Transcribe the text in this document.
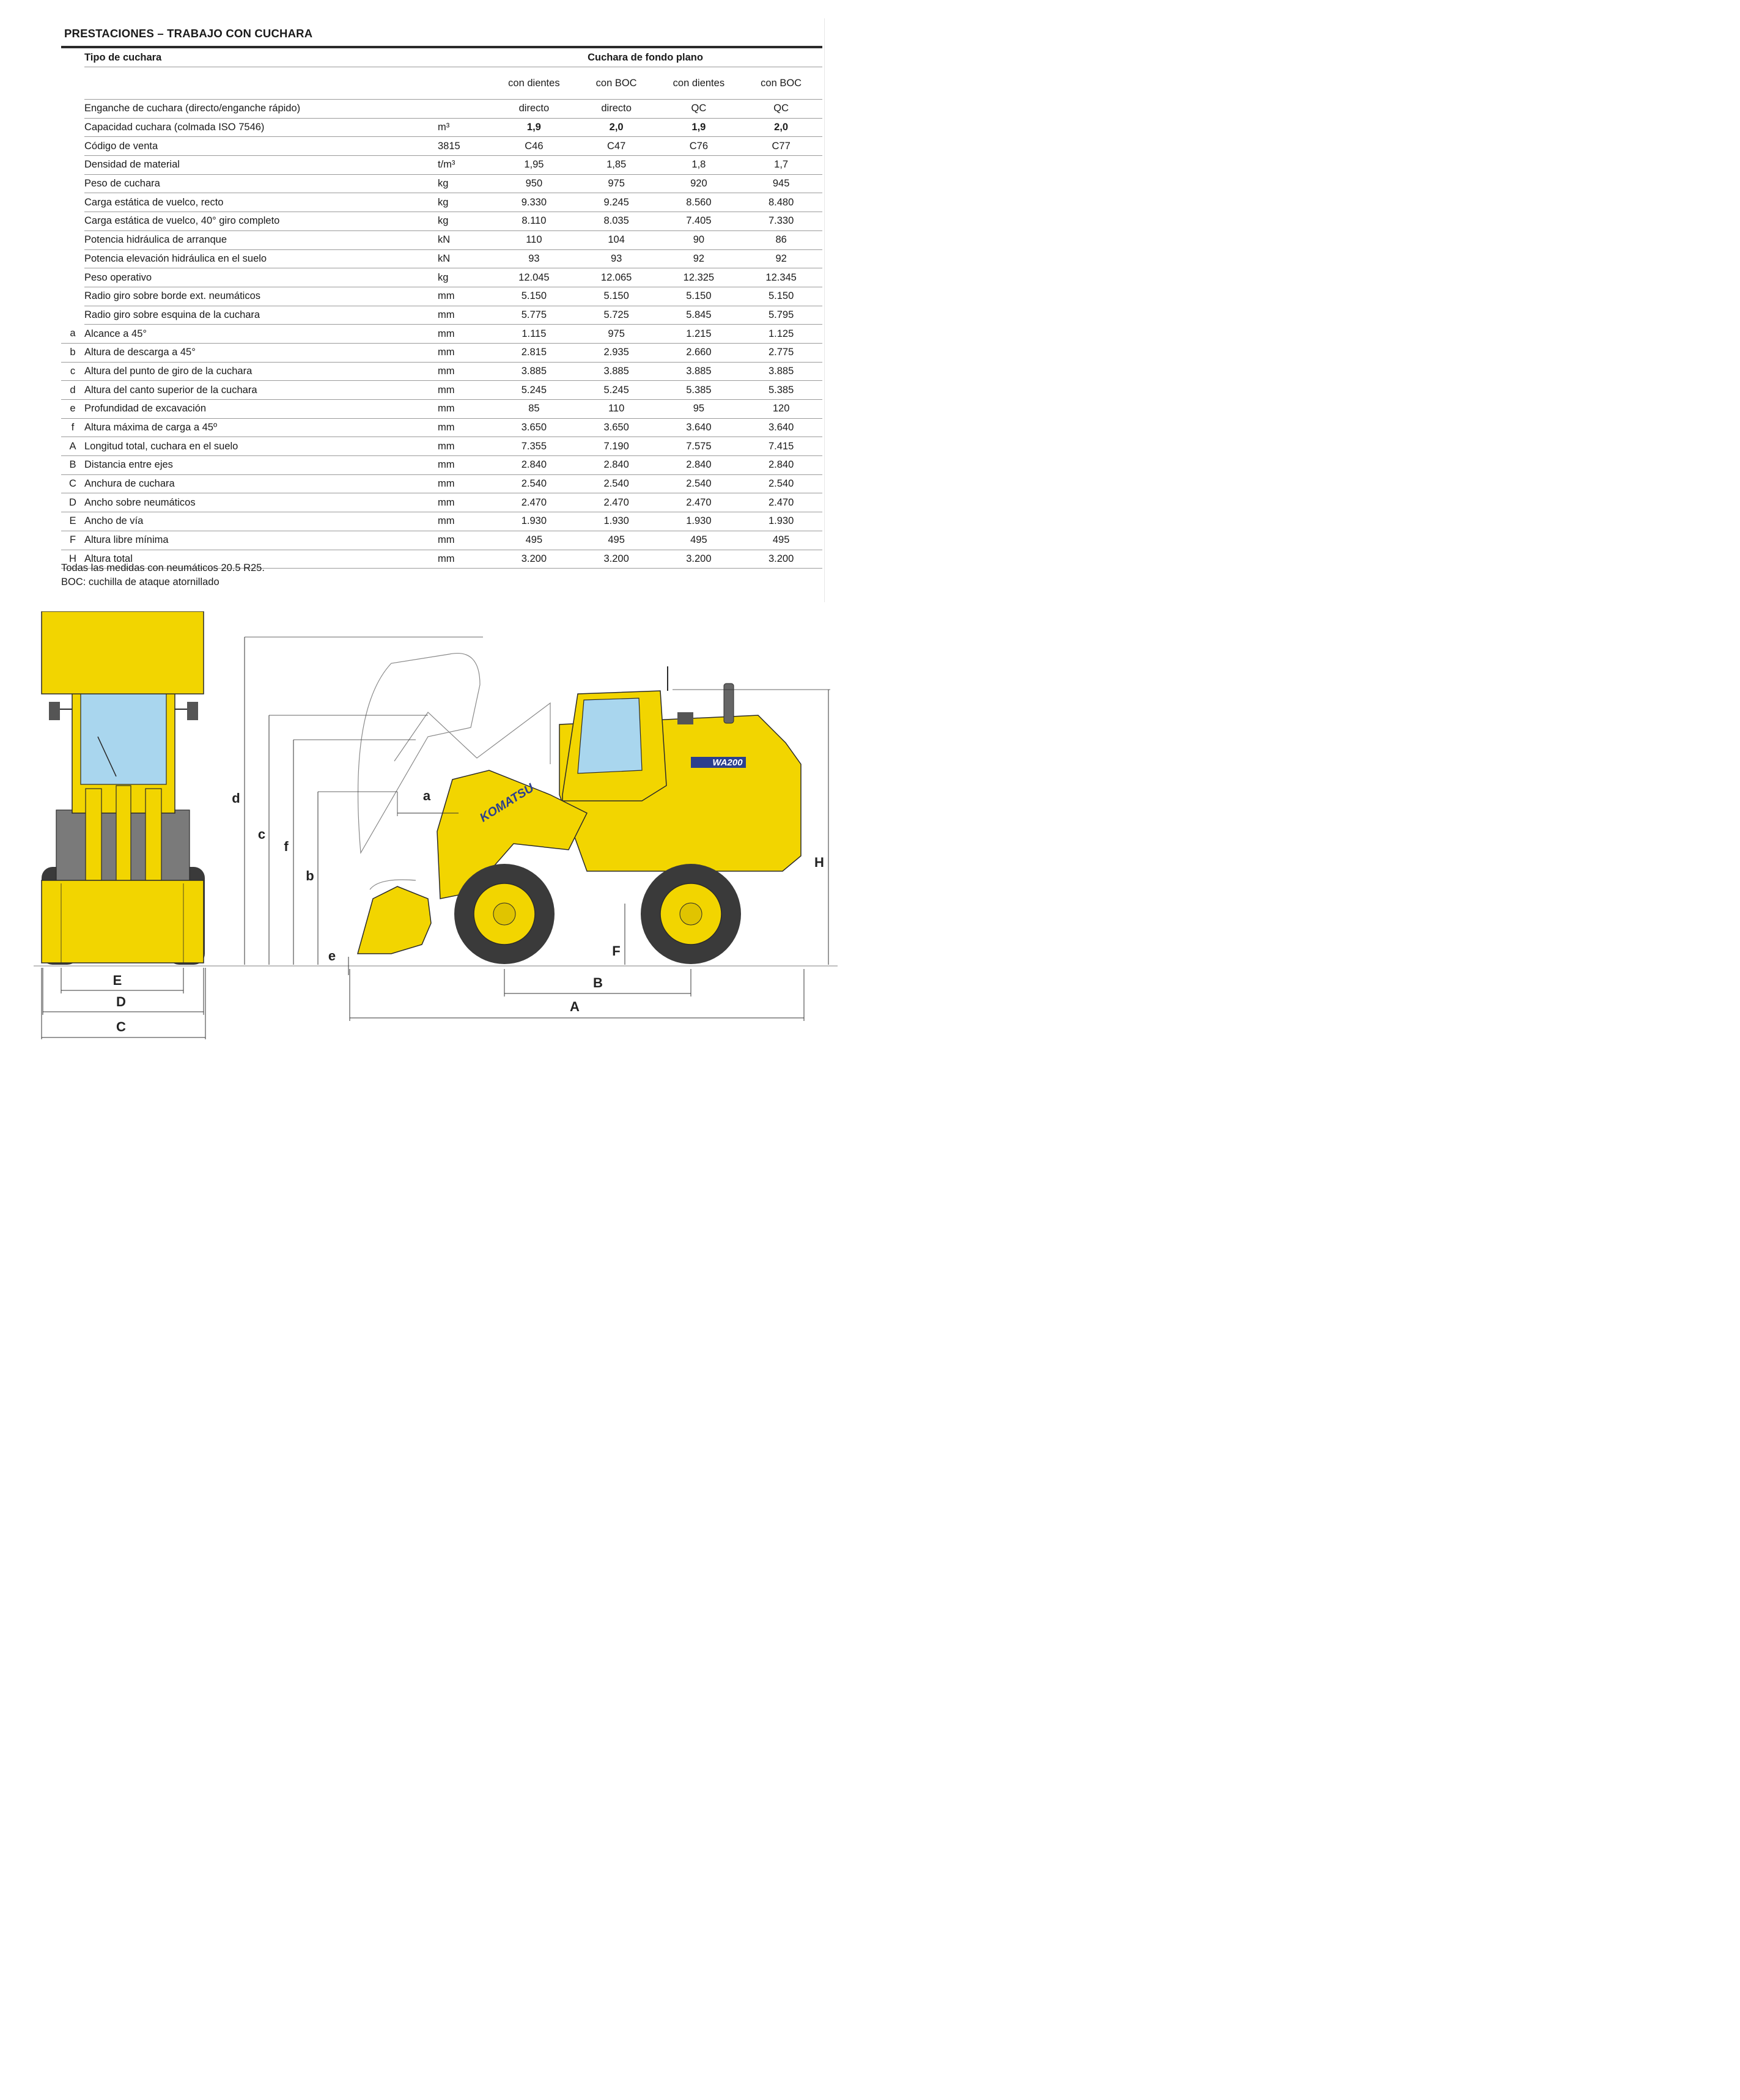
PRESTACIONES – TRABAJO CON CUCHARA
	Tipo de cuchara		Cuchara de fondo plano			
			con dientes	con BOC	con dientes	con BOC
	Enganche de cuchara (directo/enganche rápido)		directo	directo	QC	QC
	Capacidad cuchara (colmada ISO 7546)	m³	1,9	2,0	1,9	2,0
	Código de venta	3815	C46	C47	C76	C77
	Densidad de material	t/m³	1,95	1,85	1,8	1,7
	Peso de cuchara	kg	950	975	920	945
	Carga estática de vuelco, recto	kg	9.330	9.245	8.560	8.480
	Carga estática de vuelco, 40° giro completo	kg	8.110	8.035	7.405	7.330
	Potencia hidráulica de arranque	kN	110	104	90	86
	Potencia elevación hidráulica en el suelo	kN	93	93	92	92
	Peso operativo	kg	12.045	12.065	12.325	12.345
	Radio giro sobre borde ext. neumáticos	mm	5.150	5.150	5.150	5.150
	Radio giro sobre esquina de la cuchara	mm	5.775	5.725	5.845	5.795
a	Alcance a 45°	mm	1.115	975	1.215	1.125
b	Altura de descarga a 45°	mm	2.815	2.935	2.660	2.775
c	Altura del punto de giro de la cuchara	mm	3.885	3.885	3.885	3.885
d	Altura del canto superior de la cuchara	mm	5.245	5.245	5.385	5.385
e	Profundidad de excavación	mm	85	110	95	120
f	Altura máxima de carga a 45º	mm	3.650	3.650	3.640	3.640
A	Longitud total, cuchara en el suelo	mm	7.355	7.190	7.575	7.415
B	Distancia entre ejes	mm	2.840	2.840	2.840	2.840
C	Anchura de cuchara	mm	2.540	2.540	2.540	2.540
D	Ancho sobre neumáticos	mm	2.470	2.470	2.470	2.470
E	Ancho de vía	mm	1.930	1.930	1.930	1.930
F	Altura libre mínima	mm	495	495	495	495
H	Altura total	mm	3.200	3.200	3.200	3.200
Todas las medidas con neumáticos 20.5 R25.
BOC: cuchilla de ataque atornillado
E
D
C
WA200
KOMATSU
d
c
f
b
a
e
H
F
B
A
